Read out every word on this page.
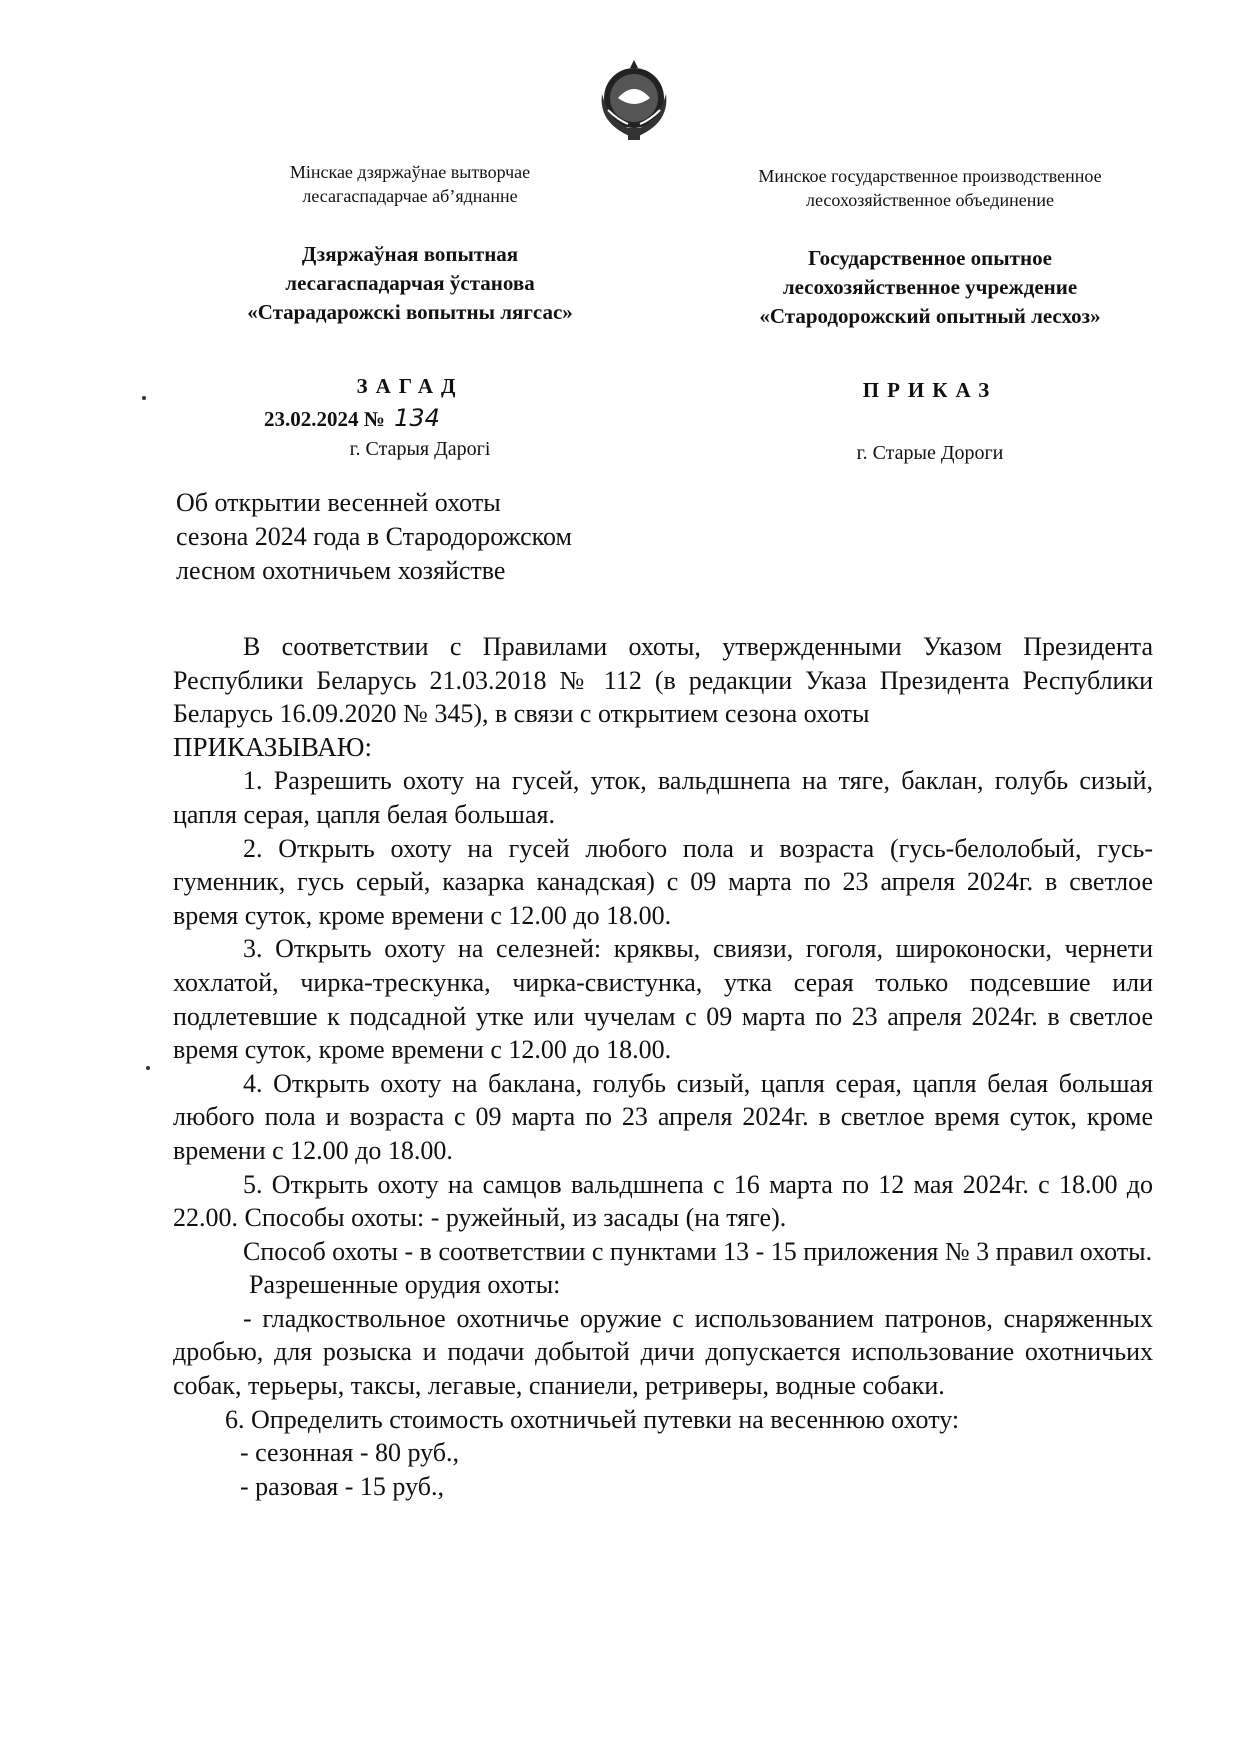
Мінскае дзяржаўнае вытворчае
лесагаспадарчае аб’яднанне
Дзяржаўная вопытная
лесагаспадарчая ўстанова
«Старадарожскі вопытны лягсас»
Минское государственное производственное
лесохозяйственное объединение
Государственное опытное
лесохозяйственное учреждение
«Стародорожский опытный лесхоз»
ЗАГАД	ПРИКАЗ
23.02.2024 № 134
г. Старыя Дарогі	г. Старые Дороги
Об открытии весенней охоты
сезона 2024 года в Стародорожском
лесном охотничьем хозяйстве

В соответствии с Правилами охоты, утвержденными Указом Президента Республики Беларусь 21.03.2018 № 112 (в редакции Указа Президента Республики Беларусь 16.09.2020 № 345), в связи с открытием сезона охоты

ПРИКАЗЫВАЮ:

1. Разрешить охоту на гусей, уток, вальдшнепа на тяге, баклан, голубь сизый, цапля серая, цапля белая большая.

2. Открыть охоту на гусей любого пола и возраста (гусь-белолобый, гусь-гуменник, гусь серый, казарка канадская) с 09 марта по 23 апреля 2024г. в светлое время суток, кроме времени с 12.00 до 18.00.

3. Открыть охоту на селезней: кряквы, свиязи, гоголя, широконоски, чернети хохлатой, чирка-трескунка, чирка-свистунка, утка серая только подсевшие или подлетевшие к подсадной утке или чучелам с 09 марта по 23 апреля 2024г. в светлое время суток, кроме времени с 12.00 до 18.00.

4. Открыть охоту на баклана, голубь сизый, цапля серая, цапля белая большая любого пола и возраста с 09 марта по 23 апреля 2024г. в светлое время суток, кроме времени с 12.00 до 18.00.

5. Открыть охоту на самцов вальдшнепа с 16 марта по 12 мая 2024г. с 18.00 до 22.00. Способы охоты: - ружейный, из засады (на тяге).

Способ охоты - в соответствии с пунктами 13 - 15 приложения № 3 правил охоты.

Разрешенные орудия охоты:

- гладкоствольное охотничье оружие с использованием патронов, снаряженных дробью, для розыска и подачи добытой дичи допускается использование охотничьих собак, терьеры, таксы, легавые, спаниели, ретриверы, водные собаки.

6. Определить стоимость охотничьей путевки на весеннюю охоту:

- сезонная - 80 руб.,

- разовая - 15 руб.,
